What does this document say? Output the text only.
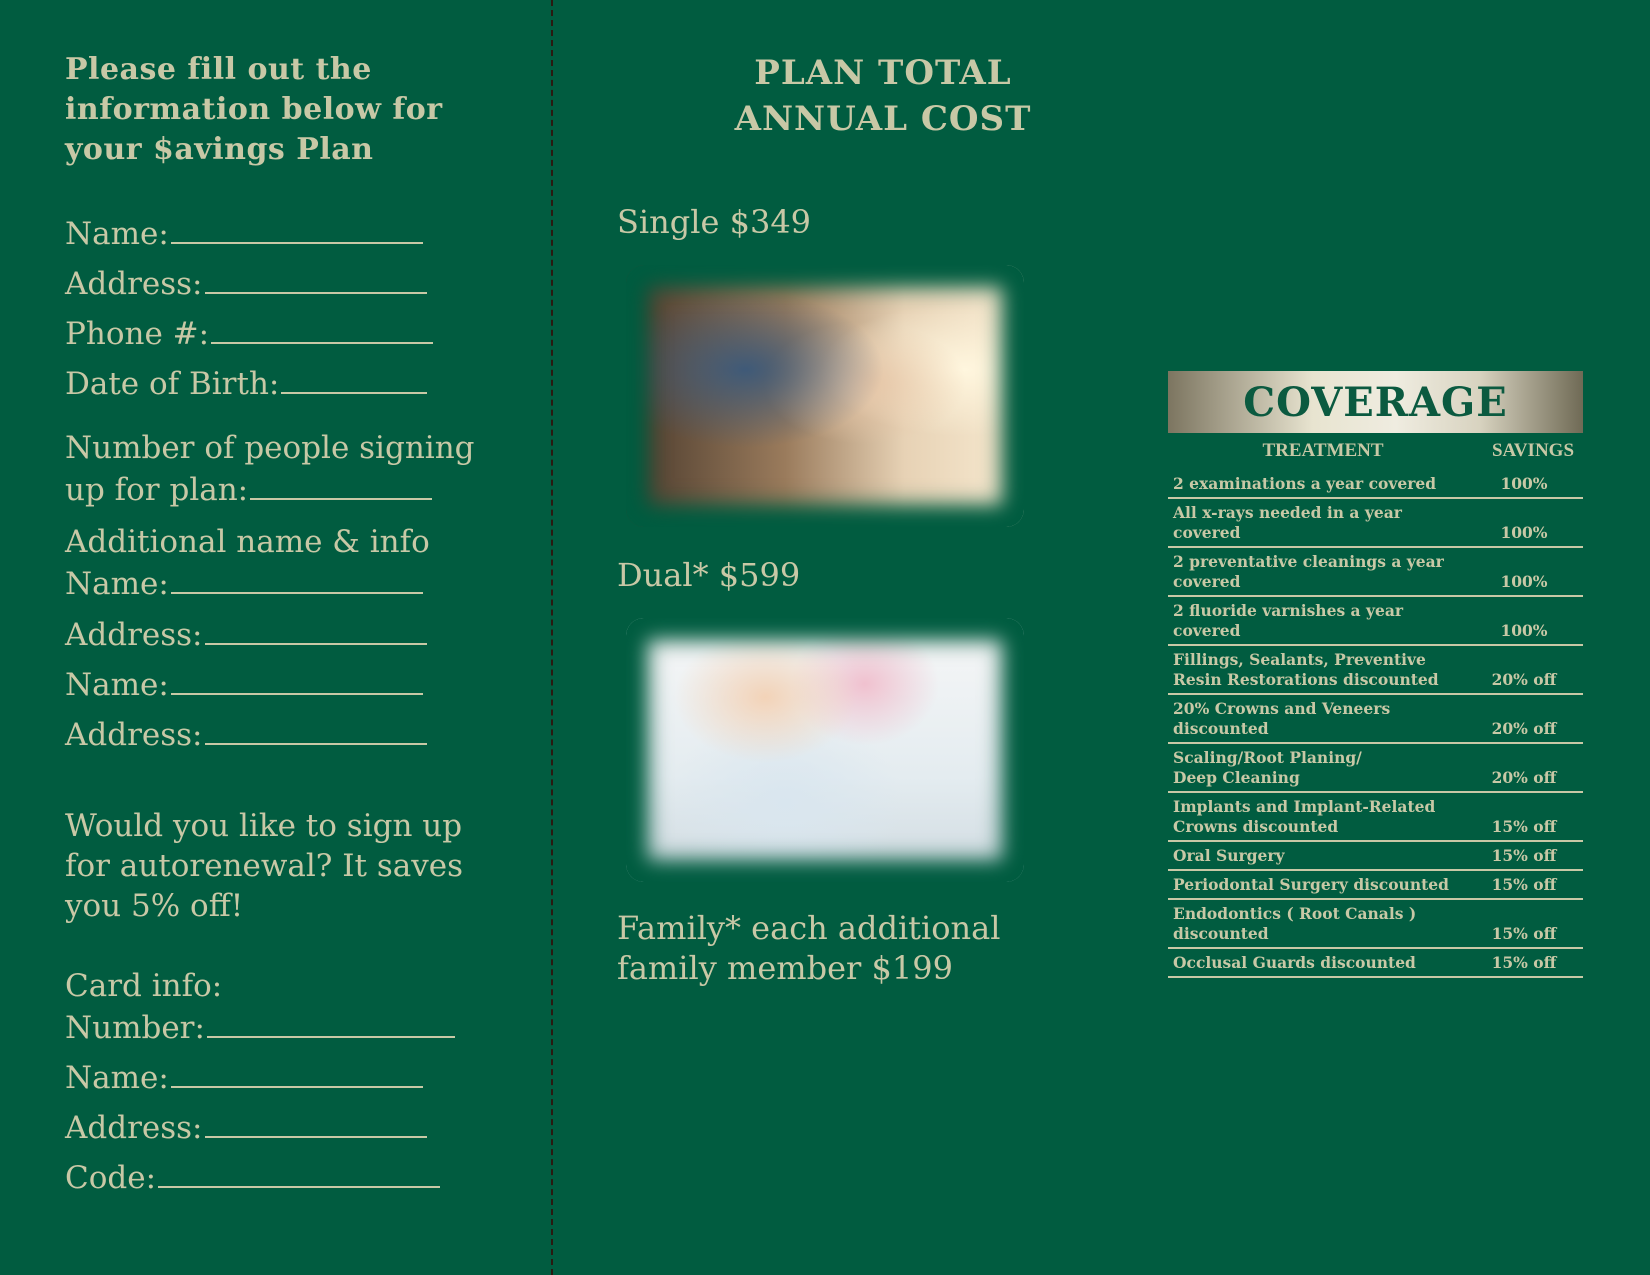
Please fill out the information below for your $avings Plan
Name:
Address:
Phone #:
Date of Birth:
Number of people signing
up for plan:
Additional name & info
Name:
Address:
Name:
Address:
Would you like to sign up for autorenewal? It saves you 5% off!
Card info:
Number:
Name:
Address:
Code:
PLAN TOTAL
ANNUAL COST
Single $349
Dual* $599
Family* each additional
family member $199
COVERAGE
TREATMENT	SAVINGS
2 examinations a year covered	100%
All x-rays needed in a year
covered	100%
2 preventative cleanings a year
covered	100%
2 fluoride varnishes a year
covered	100%
Fillings, Sealants, Preventive
Resin Restorations discounted	20% off
20% Crowns and Veneers
discounted	20% off
Scaling/Root Planing/
Deep Cleaning	20% off
Implants and Implant-Related
Crowns discounted	15% off
Oral Surgery	15% off
Periodontal Surgery discounted	15% off
Endodontics ( Root Canals )
discounted	15% off
Occlusal Guards discounted	15% off
